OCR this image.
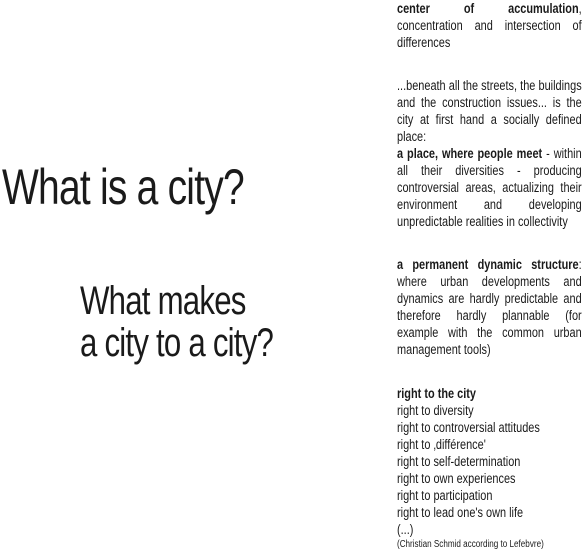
What is a city?
What makes
a city to a city?

center of accumulation, concentration and intersection of differences

...beneath all the streets, the buildings and the construction issues... is the city at first hand a socially defined place:

a place, where people meet - within all their diversities - producing controversial areas, actualizing their environment and developing unpredictable realities in collectivity

a permanent dynamic structure: where urban developments and dynamics are hardly predictable and therefore hardly plannable (for example with the common urban management tools)

right to the city

right to diversity
right to controversial attitudes
right to ‚différence'
right to self-determination
right to own experiences
right to participation
right to lead one's own life
(...)

(Christian Schmid according to Lefebvre)
